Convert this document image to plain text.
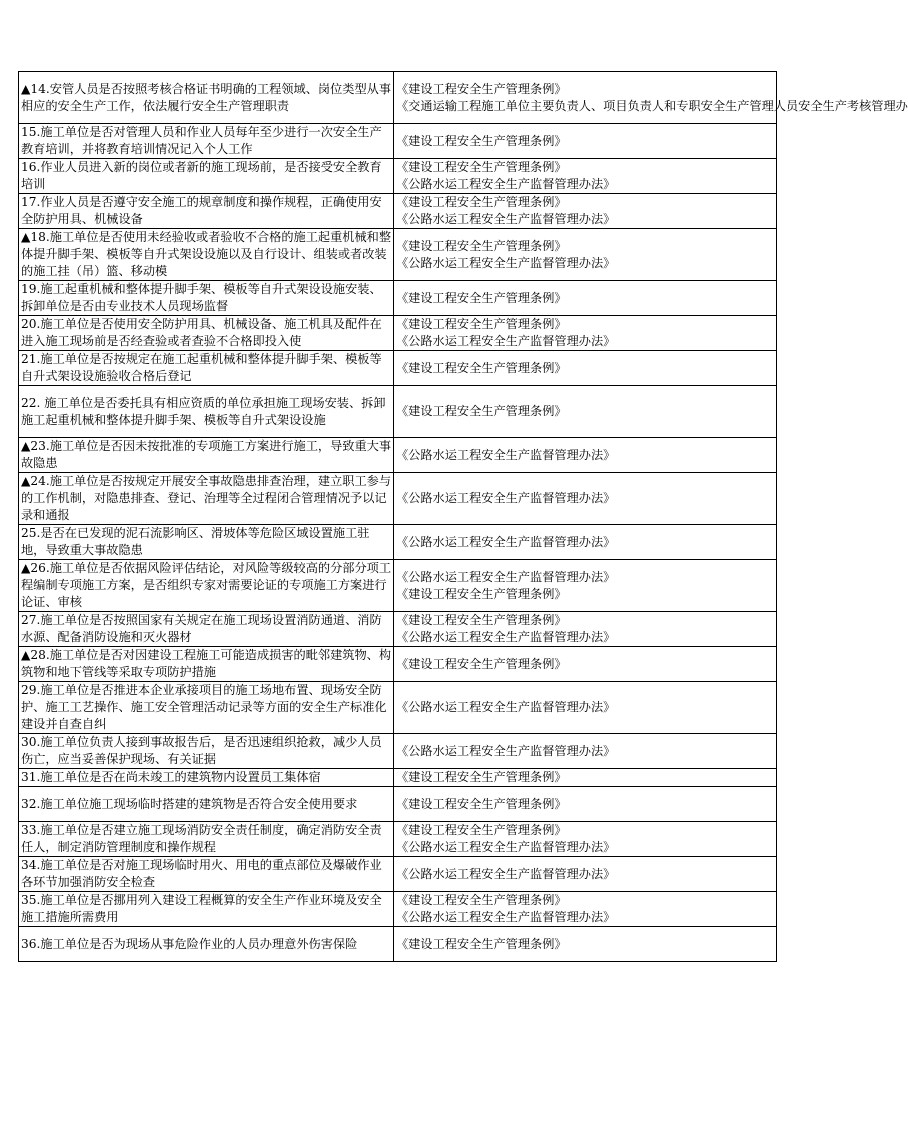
▲14.安管人员是否按照考核合格证书明确的工程领域、岗位类型从事相应的安全生产工作，依法履行安全生产管理职责	《建设工程安全生产管理条例》
《交通运输工程施工单位主要负责人、项目负责人和专职安全生产管理人员安全生产考核管理办

15.施工单位是否对管理人员和作业人员每年至少进行一次安全生产教育培训，并将教育培训情况记入个人工作	《建设工程安全生产管理条例》

16.作业人员进入新的岗位或者新的施工现场前，是否接受安全教育培训	《建设工程安全生产管理条例》
《公路水运工程安全生产监督管理办法》

17.作业人员是否遵守安全施工的规章制度和操作规程，正确使用安全防护用具、机械设备	《建设工程安全生产管理条例》
《公路水运工程安全生产监督管理办法》

▲18.施工单位是否使用未经验收或者验收不合格的施工起重机械和整体提升脚手架、模板等自升式架设设施以及自行设计、组装或者改装的施工挂（吊）篮、移动模	《建设工程安全生产管理条例》
《公路水运工程安全生产监督管理办法》

19.施工起重机械和整体提升脚手架、模板等自升式架设设施安装、拆卸单位是否由专业技术人员现场监督	《建设工程安全生产管理条例》

20.施工单位是否使用安全防护用具、机械设备、施工机具及配件在进入施工现场前是否经查验或者查验不合格即投入使	《建设工程安全生产管理条例》
《公路水运工程安全生产监督管理办法》

21.施工单位是否按规定在施工起重机械和整体提升脚手架、模板等自升式架设设施验收合格后登记	《建设工程安全生产管理条例》

22. 施工单位是否委托具有相应资质的单位承担施工现场安装、拆卸施工起重机械和整体提升脚手架、模板等自升式架设设施	《建设工程安全生产管理条例》

▲23.施工单位是否因未按批准的专项施工方案进行施工，导致重大事故隐患	《公路水运工程安全生产监督管理办法》

▲24.施工单位是否按规定开展安全事故隐患排查治理，建立职工参与的工作机制，对隐患排查、登记、治理等全过程闭合管理情况予以记录和通报	《公路水运工程安全生产监督管理办法》

25.是否在已发现的泥石流影响区、滑坡体等危险区域设置施工驻地，导致重大事故隐患	《公路水运工程安全生产监督管理办法》

▲26.施工单位是否依据风险评估结论，对风险等级较高的分部分项工程编制专项施工方案，是否组织专家对需要论证的专项施工方案进行论证、审核	《公路水运工程安全生产监督管理办法》
《建设工程安全生产管理条例》

27.施工单位是否按照国家有关规定在施工现场设置消防通道、消防水源、配备消防设施和灭火器材	《建设工程安全生产管理条例》
《公路水运工程安全生产监督管理办法》

▲28.施工单位是否对因建设工程施工可能造成损害的毗邻建筑物、构筑物和地下管线等采取专项防护措施	《建设工程安全生产管理条例》

29.施工单位是否推进本企业承接项目的施工场地布置、现场安全防护、施工工艺操作、施工安全管理活动记录等方面的安全生产标准化建设并自查自纠	《公路水运工程安全生产监督管理办法》

30.施工单位负责人接到事故报告后，是否迅速组织抢救，减少人员伤亡，应当妥善保护现场、有关证据	《公路水运工程安全生产监督管理办法》

31.施工单位是否在尚未竣工的建筑物内设置员工集体宿	《建设工程安全生产管理条例》

32.施工单位施工现场临时搭建的建筑物是否符合安全使用要求	《建设工程安全生产管理条例》

33.施工单位是否建立施工现场消防安全责任制度，确定消防安全责任人，制定消防管理制度和操作规程	《建设工程安全生产管理条例》
《公路水运工程安全生产监督管理办法》

34.施工单位是否对施工现场临时用火、用电的重点部位及爆破作业各环节加强消防安全检查	《公路水运工程安全生产监督管理办法》

35.施工单位是否挪用列入建设工程概算的安全生产作业环境及安全施工措施所需费用	《建设工程安全生产管理条例》
《公路水运工程安全生产监督管理办法》

36.施工单位是否为现场从事危险作业的人员办理意外伤害保险	《建设工程安全生产管理条例》
